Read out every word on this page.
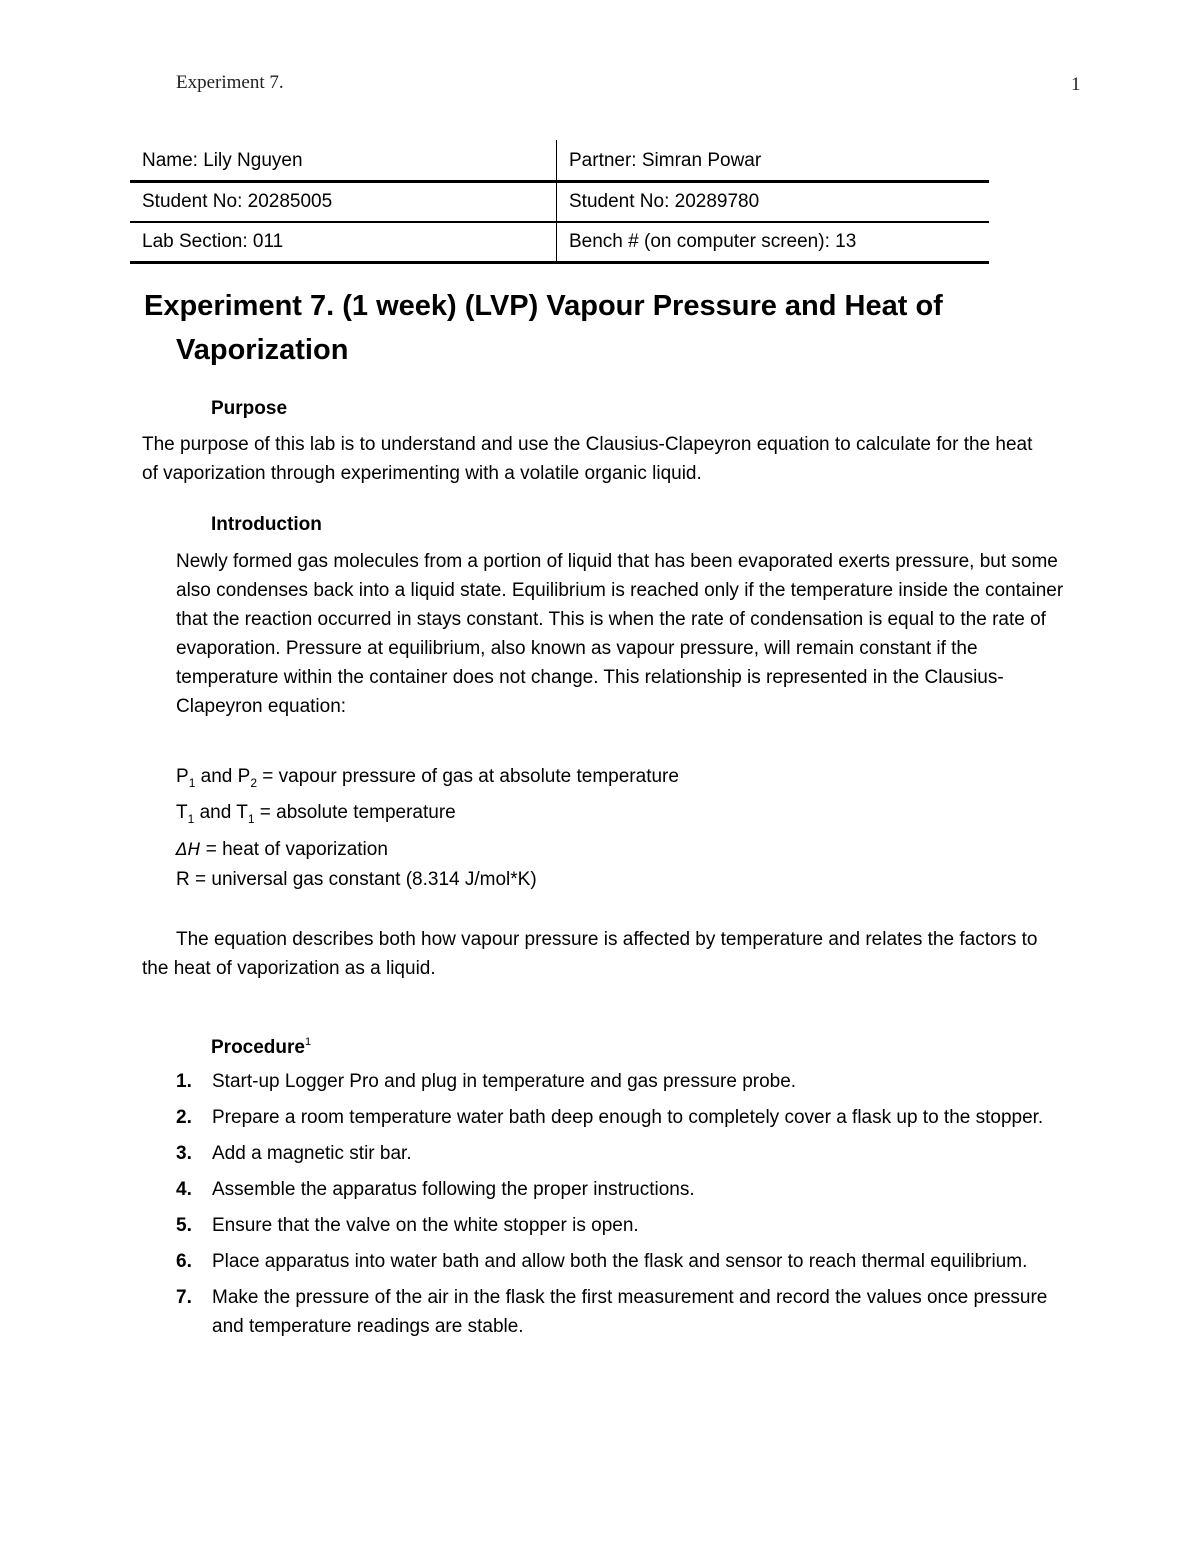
Experiment 7.	1
Name: Lily Nguyen	Partner: Simran Powar
Student No: 20285005	Student No: 20289780
Lab Section: 011	Bench # (on computer screen): 13
Experiment 7. (1 week) (LVP) Vapour Pressure and Heat of
Vaporization
Purpose

The purpose of this lab is to understand and use the Clausius-Clapeyron equation to calculate for the heat of vaporization through experimenting with a volatile organic liquid.

Introduction

Newly formed gas molecules from a portion of liquid that has been evaporated exerts pressure, but some also condenses back into a liquid state. Equilibrium is reached only if the temperature inside the container that the reaction occurred in stays constant. This is when the rate of condensation is equal to the rate of evaporation. Pressure at equilibrium, also known as vapour pressure, will remain constant if the temperature within the container does not change. This relationship is represented in the Clausius-Clapeyron equation:

$P_1$ and $P_2$ = vapour pressure of gas at absolute temperature

$T_1$ and $T_1$ = absolute temperature

ΔH = heat of vaporization

R = universal gas constant (8.314 J/mol*K)

The equation describes both how vapour pressure is affected by temperature and relates the factors to the heat of vaporization as a liquid.

Procedure$^1$
1. Start-up Logger Pro and plug in temperature and gas pressure probe.
2. Prepare a room temperature water bath deep enough to completely cover a flask up to the stopper.
3. Add a magnetic stir bar.
4. Assemble the apparatus following the proper instructions.
5. Ensure that the valve on the white stopper is open.
6. Place apparatus into water bath and allow both the flask and sensor to reach thermal equilibrium.
7. Make the pressure of the air in the flask the first measurement and record the values once pressure and temperature readings are stable.
